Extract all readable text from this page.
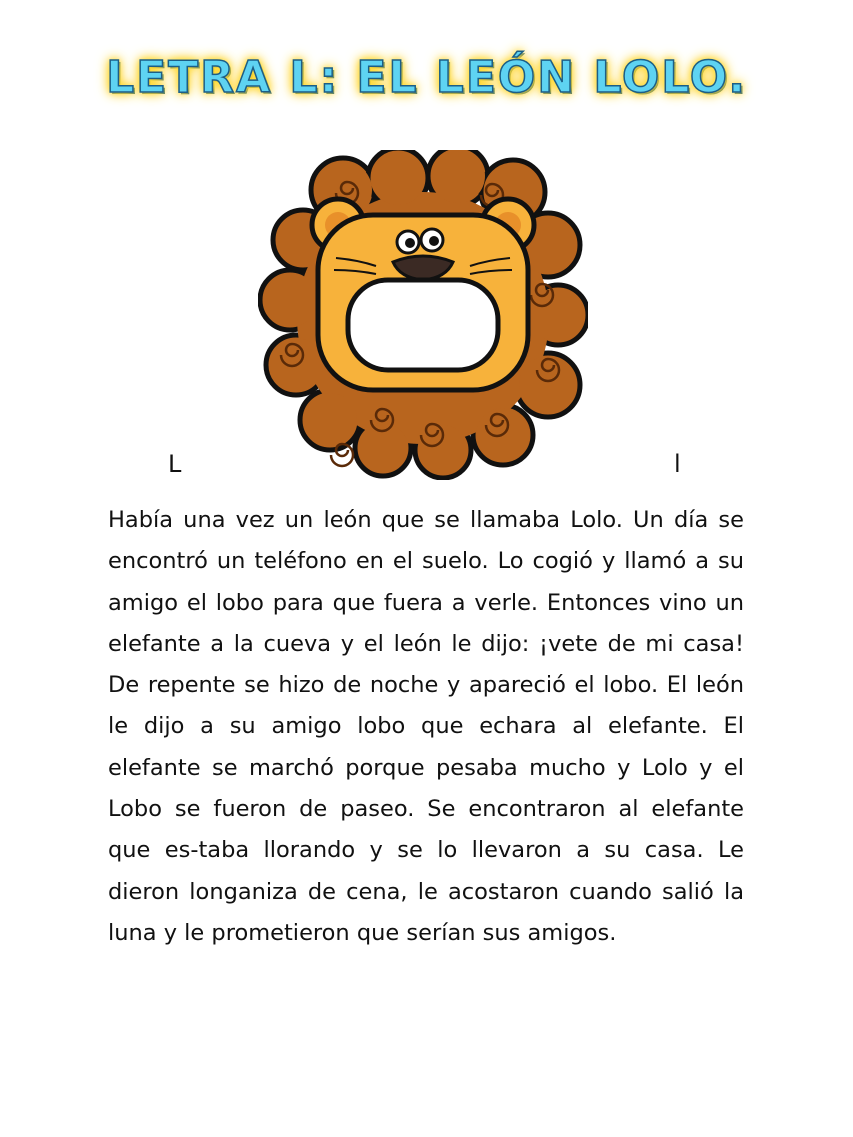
LETRA L: EL LEÓN LOLO.
L	l

Había una vez un león que se llamaba Lolo. Un día se encontró un teléfono en el suelo. Lo cogió y llamó a su amigo el lobo para que fuera a verle. Entonces vino un elefante a la cueva y el león le dijo: ¡vete de mi casa! De repente se hizo de noche y apareció el lobo. El león le dijo a su amigo lobo que echara al elefante. El elefante se marchó porque pesaba mucho y Lolo y el Lobo se fueron de paseo. Se encontraron al elefante que es-taba llorando y se lo llevaron a su casa. Le dieron longaniza de cena, le acostaron cuando salió la luna y le prometieron que serían sus amigos.
